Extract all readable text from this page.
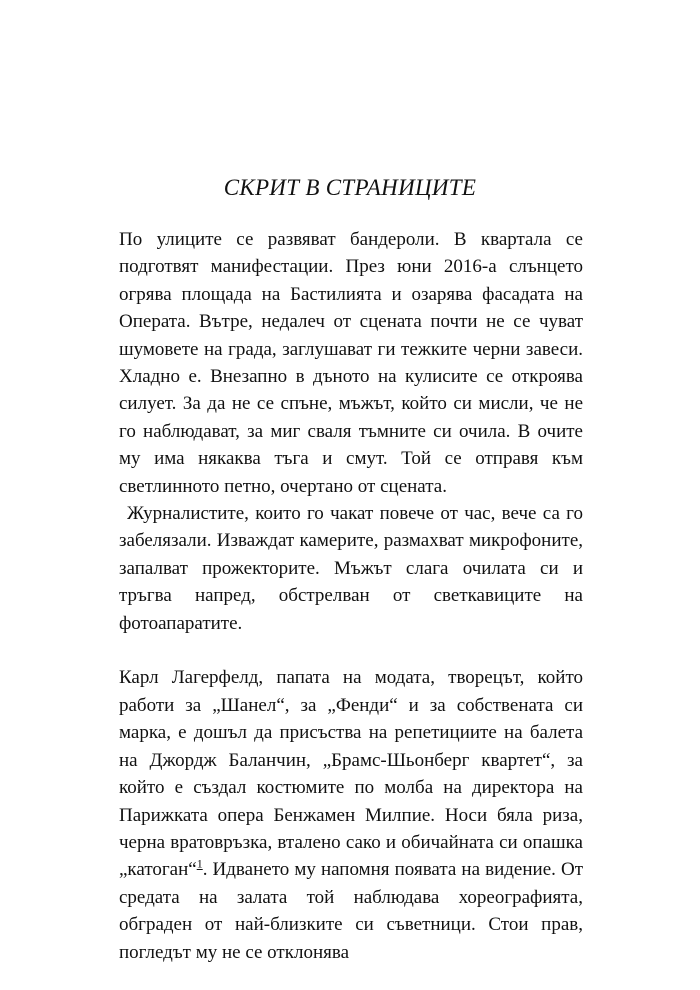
СКРИТ В СТРАНИЦИТЕ

По улиците се развяват бандероли. В квартала се подготвят манифестации. През юни 2016-а слънцето огрява площада на Бастилията и озарява фасадата на Операта. Вътре, недалеч от сцената почти не се чуват шумовете на града, заглушават ги тежките черни завеси. Хладно е. Внезапно в дъното на кулисите се откроява силует. За да не се спъне, мъжът, който си мисли, че не го наблюдават, за миг сваля тъмните си очила. В очите му има някаква тъга и смут. Той се отправя към светлинното петно, очертано от сцената.

Журналистите, които го чакат повече от час, вече са го забелязали. Изваждат камерите, размахват микрофоните, запалват прожекторите. Мъжът слага очилата си и тръгва напред, обстрелван от светкавиците на фотоапаратите.

Карл Лагерфелд, папата на модата, творецът, който работи за „Шанел“, за „Фенди“ и за собствената си марка, е дошъл да присъства на репетициите на балета на Джордж Баланчин, „Брамс-Шьонберг квартет“, за който е създал костюмите по молба на директора на Парижката опера Бенжамен Милпие. Носи бяла риза, черна вратовръзка, вталено сако и обичайната си опашка „катоган“$^1$. Идването му напомня появата на видение. От средата на залата той наблюдава хореографията, обграден от най-близките си съветници. Стои прав, погледът му не се отклонява
